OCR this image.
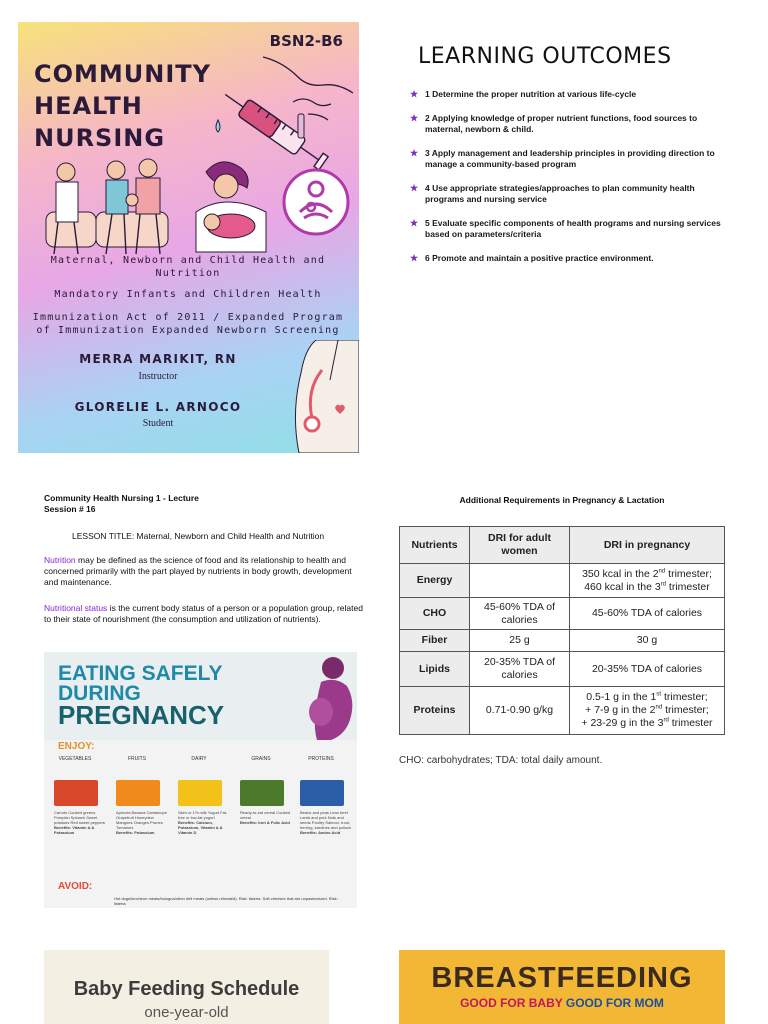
BSN2-B6
COMMUNITY HEALTH NURSING
Maternal, Newborn and Child Health and Nutrition
Mandatory Infants and Children Health
Immunization Act of 2011 / Expanded Program of Immunization Expanded Newborn Screening
MERRA MARIKIT, RN
Instructor
GLORELIE L. ARNOCO
Student
LEARNING OUTCOMES
★ 1 Determine the proper nutrition at various life-cycle
★ 2 Applying knowledge of proper nutrient functions, food sources to maternal, newborn & child.
★ 3 Apply management and leadership principles in providing direction to manage a community-based program
★ 4 Use appropriate strategies/approaches to plan community health programs and nursing service
★ 5 Evaluate specific components of health programs and nursing services based on parameters/criteria
★ 6 Promote and maintain a positive practice environment.
Community Health Nursing 1 - Lecture
Session # 16
LESSON TITLE: Maternal, Newborn and Child Health and Nutrition

Nutrition may be defined as the science of food and its relationship to health and concerned primarily with the part played by nutrients in body growth, development and maintenance.

Nutritional status is the current body status of a person or a population group, related to their state of nourishment (the consumption and utilization of nutrients).

EATING SAFELY
DURING
PREGNANCY
ENJOY:
VEGETABLES	FRUITS	DAIRY	GRAINS	PROTEINS
Carrots Cooked greens Pumpkin Spinach Sweet potatoes Red sweet peppers
Benefits: Vitamin A & Potassium
Apricots Banana Cantaloupe Grapefruit Honeydew Mangoes Oranges Prunes Tomatoes
Benefits: Potassium
Skim or 1% milk Yogurt Fat-free or low-fat yogurt
Benefits: Calcium, Potassium, Vitamin A & Vitamin D
Ready-to-eat cereal Cooked cereal
Benefits: Iron & Folic Acid
Beans and peas Lean beef Lamb and pork Nuts and seeds Poultry Salmon, trout, herring, sardines and pollock
Benefits: Amino Acid
AVOID:
Hot dogs/luncheon meats/bologna/other deli meats (unless reheated). Risk: listeria. Soft cheeses that are unpasteurized. Risk: listeria
Additional Requirements in Pregnancy & Lactation
Nutrients	DRI for adult women	DRI in pregnancy
Energy		350 kcal in the 2nd trimester;
460 kcal in the 3rd trimester
CHO	45-60% TDA of calories	45-60% TDA of calories
Fiber	25 g	30 g
Lipids	20-35% TDA of calories	20-35% TDA of calories
Proteins	0.71-0.90 g/kg	0.5-1 g in the 1st trimester;
+ 7-9 g in the 2nd trimester;
+ 23-29 g in the 3rd trimester
CHO: carbohydrates; TDA: total daily amount.
Baby Feeding Schedule
one-year-old
BREASTFEEDING
GOOD FOR BABY GOOD FOR MOM
